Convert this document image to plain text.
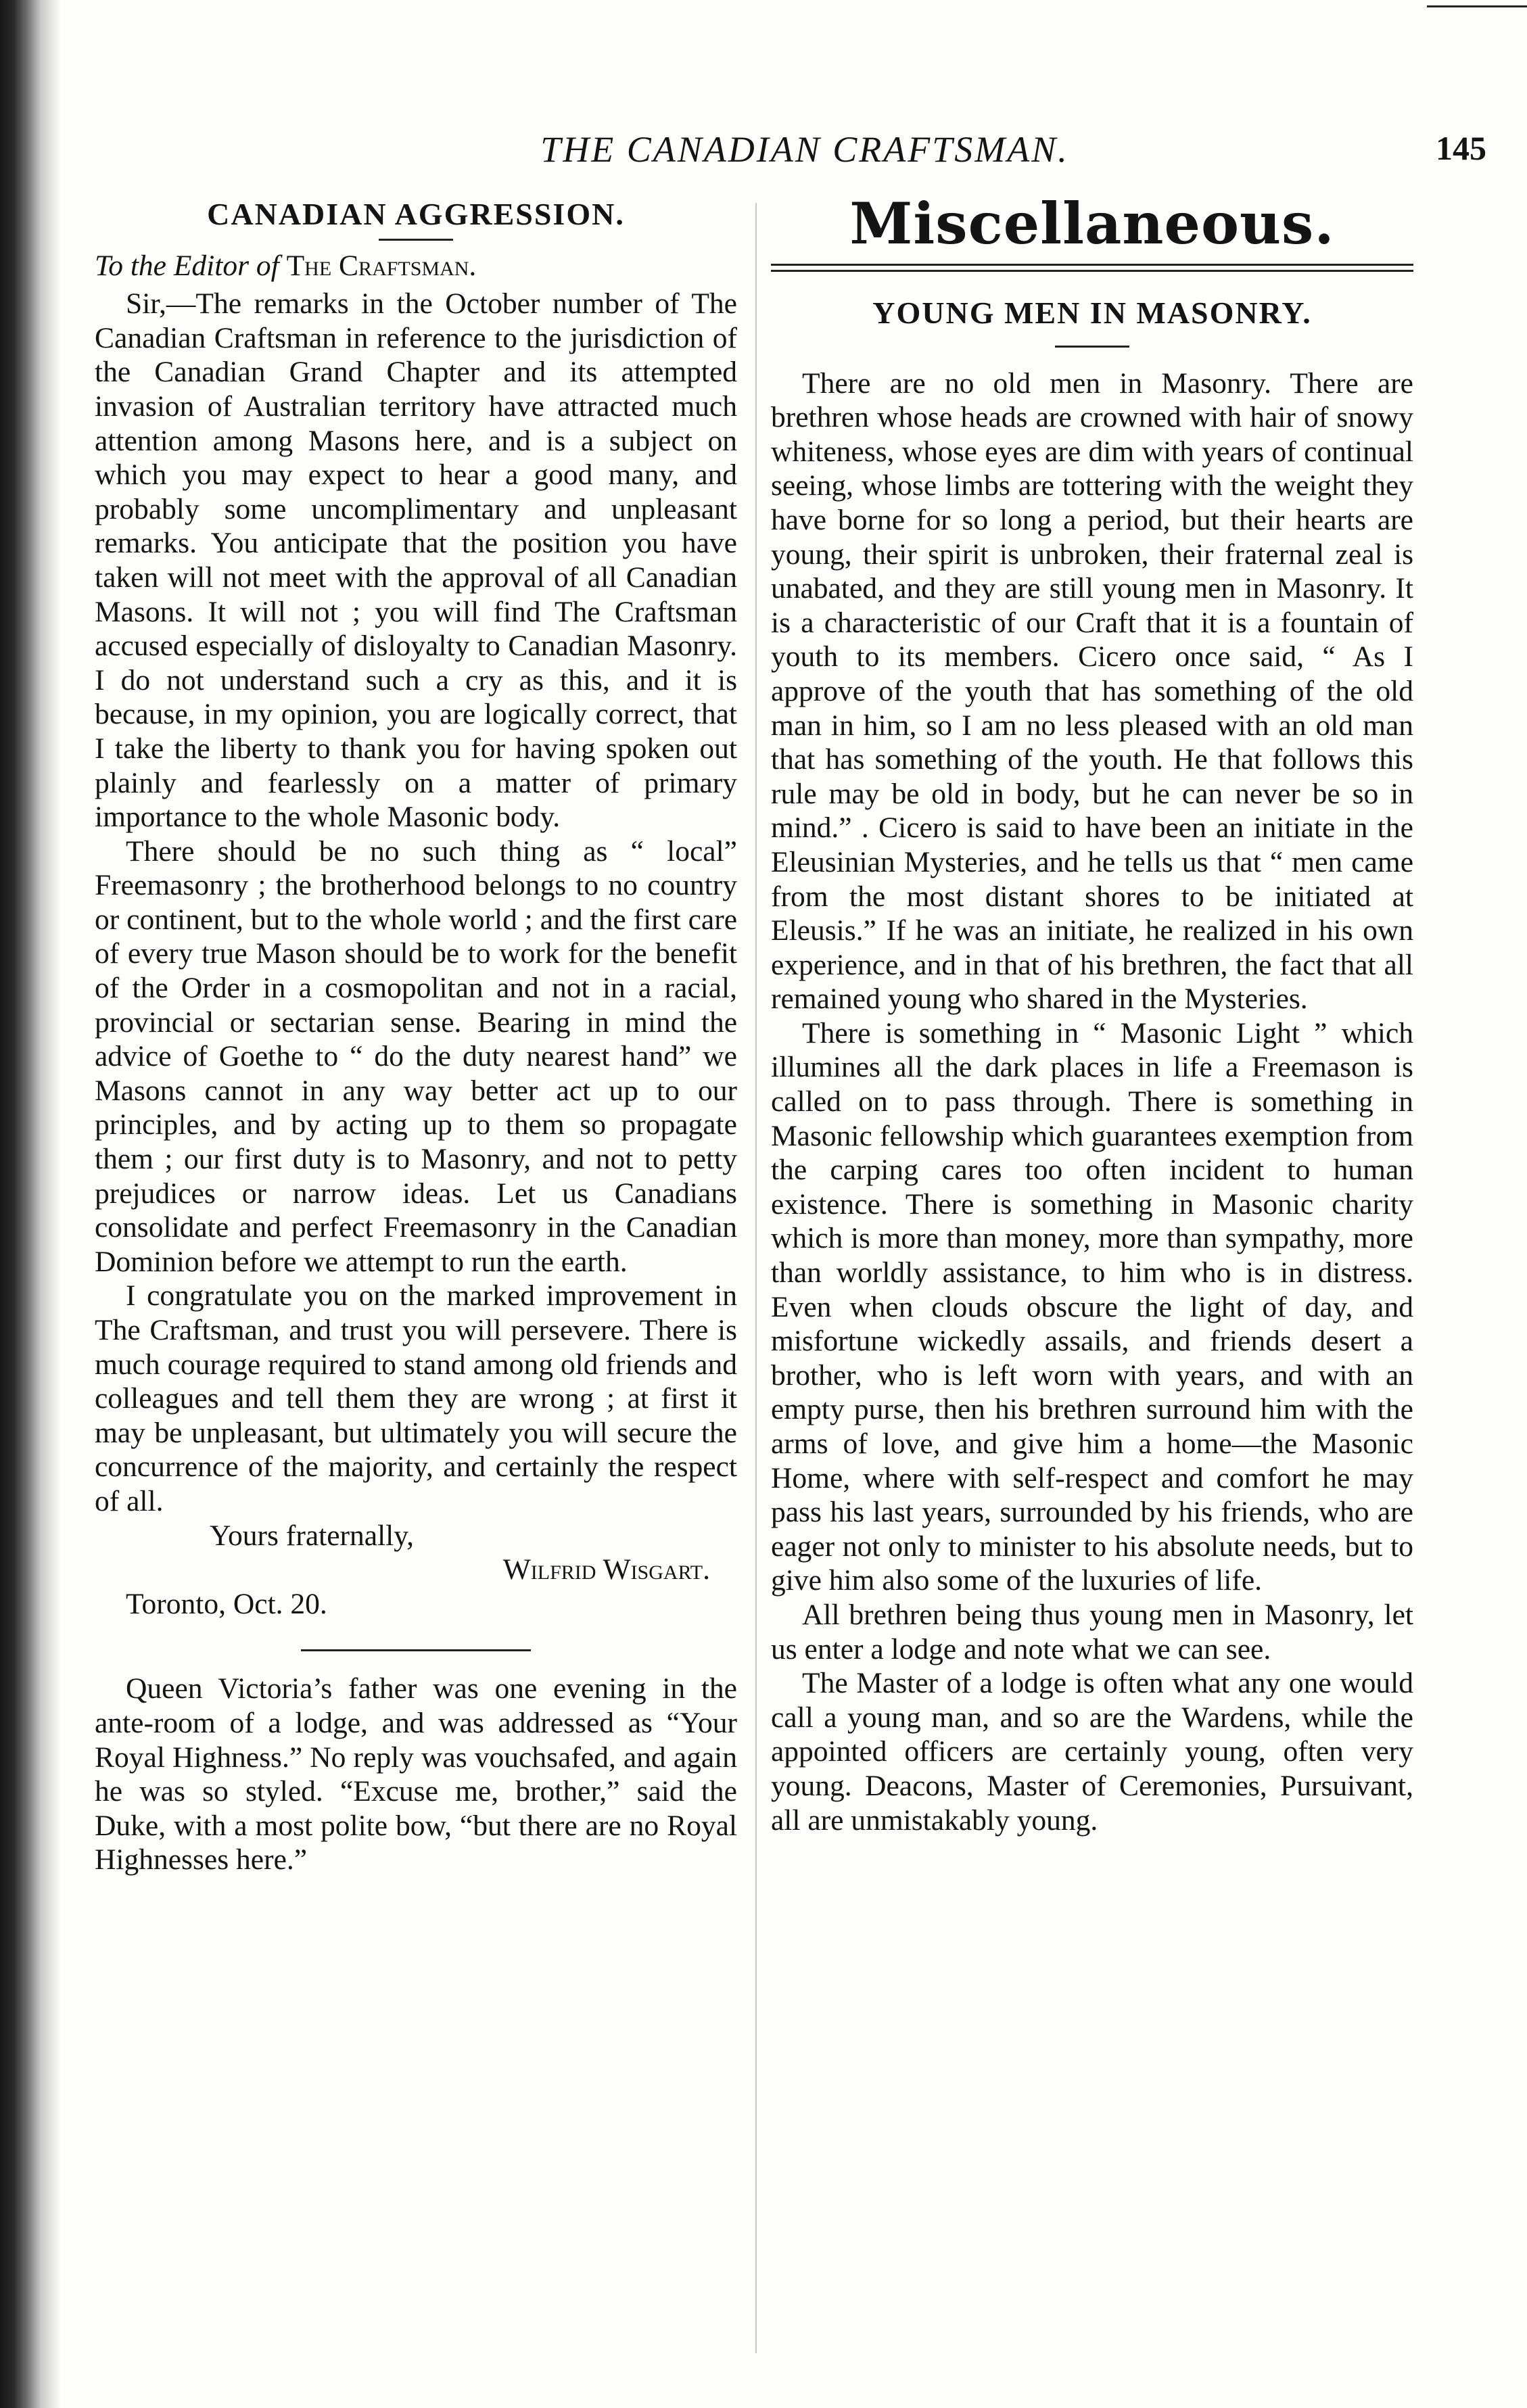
THE CANADIAN CRAFTSMAN.	145
CANADIAN AGGRESSION.

To the Editor of The Craftsman.

Sir,—The remarks in the October number of The Canadian Craftsman in reference to the jurisdiction of the Canadian Grand Chapter and its attempted invasion of Australian territory have attracted much attention among Masons here, and is a subject on which you may expect to hear a good many, and probably some uncomplimentary and unpleasant remarks. You anticipate that the position you have taken will not meet with the approval of all Canadian Masons. It will not ; you will find The Craftsman accused especially of disloyalty to Canadian Masonry. I do not understand such a cry as this, and it is because, in my opinion, you are logically correct, that I take the liberty to thank you for having spoken out plainly and fearlessly on a matter of primary importance to the whole Masonic body.

There should be no such thing as “ local” Freemasonry ; the brotherhood belongs to no country or continent, but to the whole world ; and the first care of every true Mason should be to work for the benefit of the Order in a cosmopolitan and not in a racial, provincial or sectarian sense. Bearing in mind the advice of Goethe to “ do the duty nearest hand” we Masons cannot in any way better act up to our principles, and by acting up to them so propagate them ; our first duty is to Masonry, and not to petty prejudices or narrow ideas. Let us Canadians consolidate and perfect Freemasonry in the Canadian Dominion before we attempt to run the earth.

I congratulate you on the marked improvement in The Craftsman, and trust you will persevere. There is much courage required to stand among old friends and colleagues and tell them they are wrong ; at first it may be unpleasant, but ultimately you will secure the concurrence of the majority, and certainly the respect of all.

Yours fraternally,

Wilfrid Wisgart.

Toronto, Oct. 20.

Queen Victoria’s father was one evening in the ante-room of a lodge, and was addressed as “Your Royal Highness.” No reply was vouchsafed, and again he was so styled. “Excuse me, brother,” said the Duke, with a most polite bow, “but there are no Royal Highnesses here.”

Miscellaneous.
YOUNG MEN IN MASONRY.

There are no old men in Masonry. There are brethren whose heads are crowned with hair of snowy whiteness, whose eyes are dim with years of continual seeing, whose limbs are tottering with the weight they have borne for so long a period, but their hearts are young, their spirit is unbroken, their fraternal zeal is unabated, and they are still young men in Masonry. It is a characteristic of our Craft that it is a fountain of youth to its members. Cicero once said, “ As I approve of the youth that has something of the old man in him, so I am no less pleased with an old man that has something of the youth. He that follows this rule may be old in body, but he can never be so in mind.” . Cicero is said to have been an initiate in the Eleusinian Mysteries, and he tells us that “ men came from the most distant shores to be initiated at Eleusis.” If he was an initiate, he realized in his own experience, and in that of his brethren, the fact that all remained young who shared in the Mysteries.

There is something in “ Masonic Light ” which illumines all the dark places in life a Freemason is called on to pass through. There is something in Masonic fellowship which guarantees exemption from the carping cares too often incident to human existence. There is something in Masonic charity which is more than money, more than sympathy, more than worldly assistance, to him who is in distress. Even when clouds obscure the light of day, and misfortune wickedly assails, and friends desert a brother, who is left worn with years, and with an empty purse, then his brethren surround him with the arms of love, and give him a home—the Masonic Home, where with self-respect and comfort he may pass his last years, surrounded by his friends, who are eager not only to minister to his absolute needs, but to give him also some of the luxuries of life.

All brethren being thus young men in Masonry, let us enter a lodge and note what we can see.

The Master of a lodge is often what any one would call a young man, and so are the Wardens, while the appointed officers are certainly young, often very young. Deacons, Master of Ceremonies, Pursuivant, all are unmistakably young.
